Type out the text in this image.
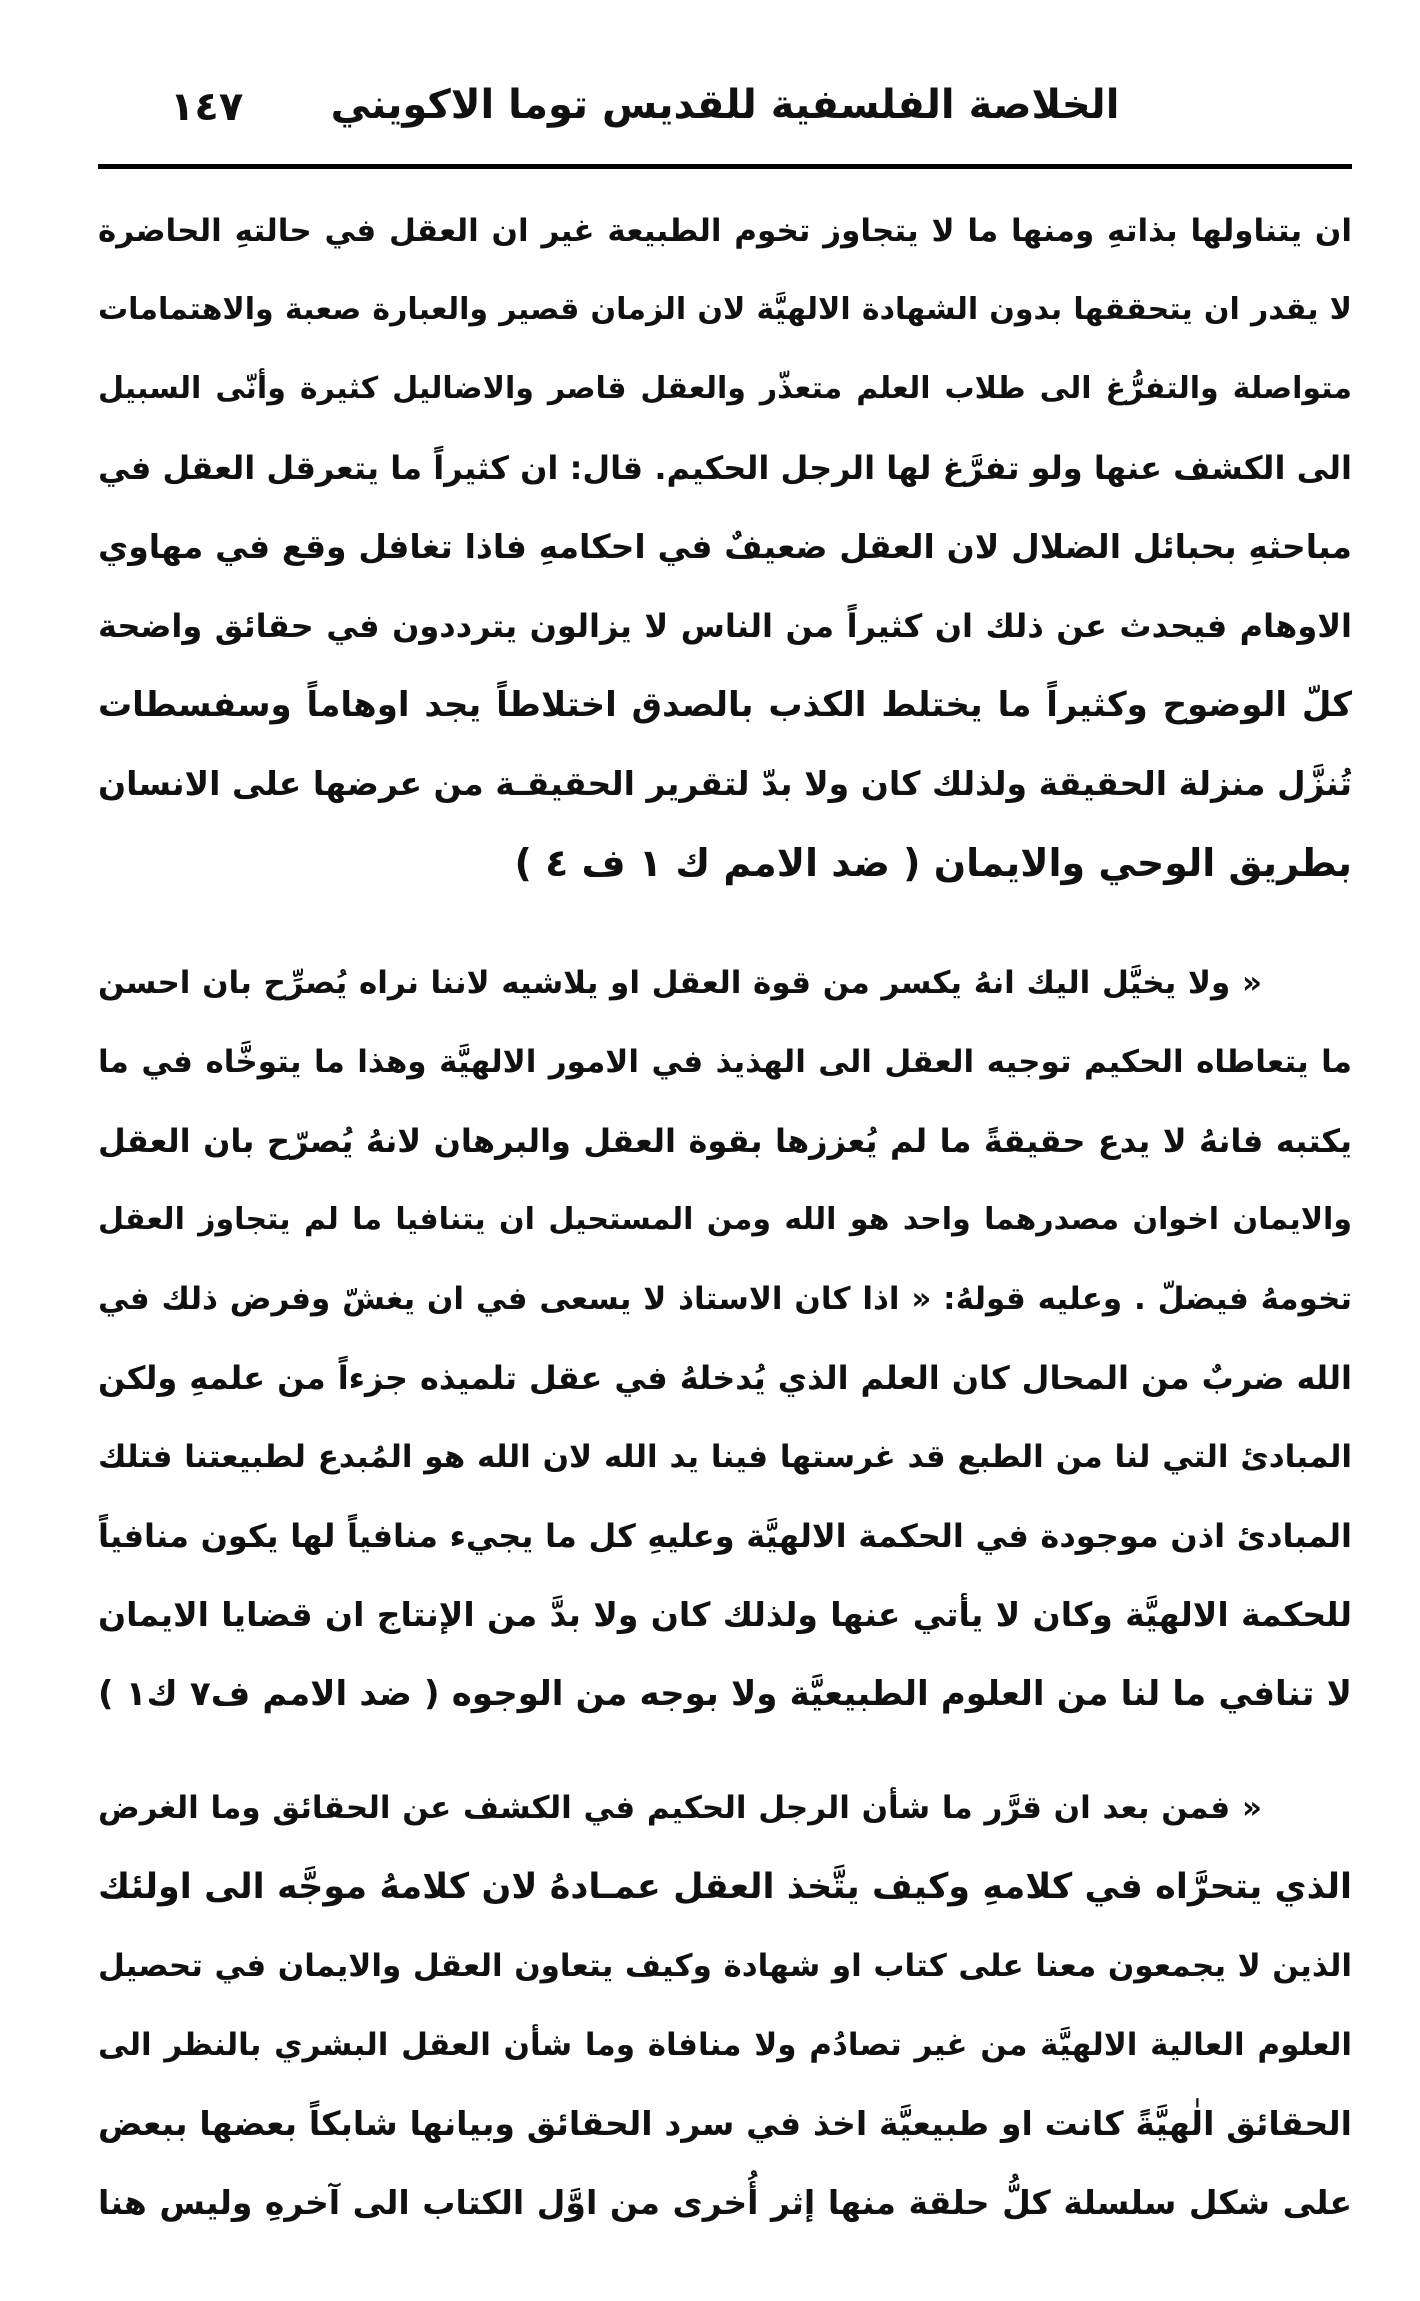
١٤٧	الخلاصة الفلسفية للقديس توما الاكويني
ان يتناولها بذاتهِ ومنها ما لا يتجاوز تخوم الطبيعة غير ان العقل في حالتهِ الحاضرة
لا يقدر ان يتحققها بدون الشهادة الالهيَّة لان الزمان قصير والعبارة صعبة والاهتمامات
متواصلة والتفرُّغ الى طلاب العلم متعذّر والعقل قاصر والاضاليل كثيرة وأنّى السبيل
الى الكشف عنها ولو تفرَّغ لها الرجل الحكيم. قال: ان كثيراً ما يتعرقل العقل في
مباحثهِ بحبائل الضلال لان العقل ضعيفٌ في احكامهِ فاذا تغافل وقع في مهاوي
الاوهام فيحدث عن ذلك ان كثيراً من الناس لا يزالون يترددون في حقائق واضحة
كلّ الوضوح وكثيراً ما يختلط الكذب بالصدق اختلاطاً يجد اوهاماً وسفسطات
تُنزَّل منزلة الحقيقة ولذلك كان ولا بدّ لتقرير الحقيقـة من عرضها على الانسان
بطريق الوحي والايمان ( ضد الامم ك ١ ف ٤ )
« ولا يخيَّل اليك انهُ يكسر من قوة العقل او يلاشيه لاننا نراه يُصرِّح بان احسن
ما يتعاطاه الحكيم توجيه العقل الى الهذيذ في الامور الالهيَّة وهذا ما يتوخَّاه في ما
يكتبه فانهُ لا يدع حقيقةً ما لم يُعززها بقوة العقل والبرهان لانهُ يُصرّح بان العقل
والايمان اخوان مصدرهما واحد هو الله ومن المستحيل ان يتنافيا ما لم يتجاوز العقل
تخومهُ فيضلّ . وعليه قولهُ: « اذا كان الاستاذ لا يسعى في ان يغشّ وفرض ذلك في
الله ضربٌ من المحال كان العلم الذي يُدخلهُ في عقل تلميذه جزءاً من علمهِ ولكن
المبادئ التي لنا من الطبع قد غرستها فينا يد الله لان الله هو المُبدع لطبيعتنا فتلك
المبادئ اذن موجودة في الحكمة الالهيَّة وعليهِ كل ما يجيء منافياً لها يكون منافياً
للحكمة الالهيَّة وكان لا يأتي عنها ولذلك كان ولا بدَّ من الإنتاج ان قضايا الايمان
لا تنافي ما لنا من العلوم الطبيعيَّة ولا بوجه من الوجوه ( ضد الامم ف٧ ك١ )
« فمن بعد ان قرَّر ما شأن الرجل الحكيم في الكشف عن الحقائق وما الغرض
الذي يتحرَّاه في كلامهِ وكيف يتَّخذ العقل عمـادهُ لان كلامهُ موجَّه الى اولئك
الذين لا يجمعون معنا على كتاب او شهادة وكيف يتعاون العقل والايمان في تحصيل
العلوم العالية الالهيَّة من غير تصادُم ولا منافاة وما شأن العقل البشري بالنظر الى
الحقائق الٰهيَّةً كانت او طبيعيَّة اخذ في سرد الحقائق وبيانها شابكاً بعضها ببعض
على شكل سلسلة كلُّ حلقة منها إثر أُخرى من اوَّل الكتاب الى آخرهِ وليس هنا
